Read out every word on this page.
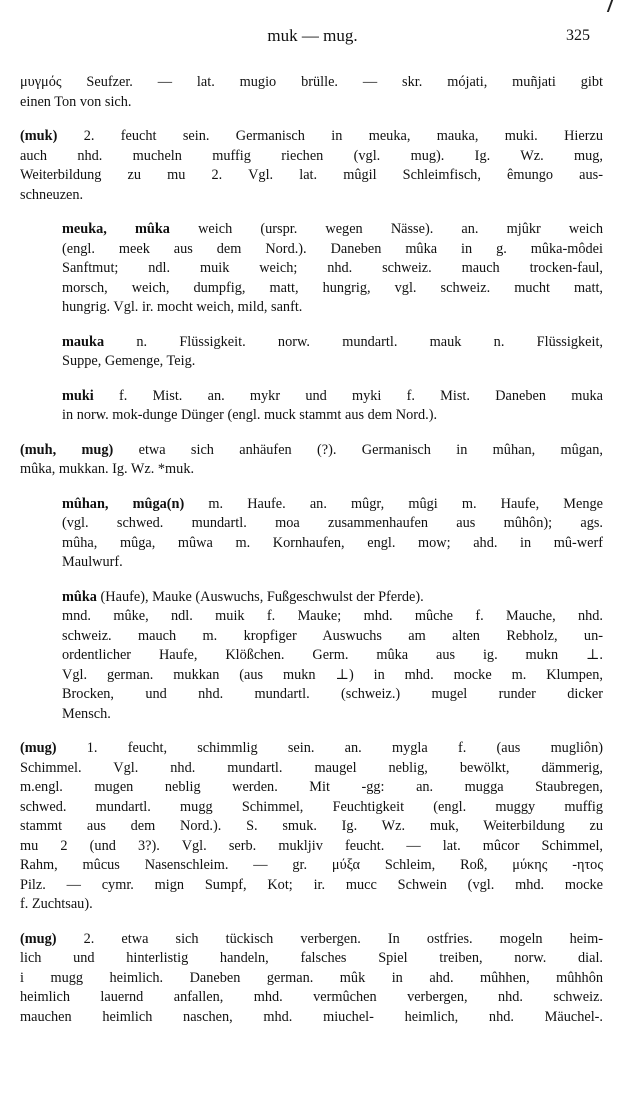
muk — mug.	325
μυγμός Seufzer. — lat. mugio brülle. — skr. mójati, muñjati gibt
einen Ton von sich.
(muk) 2. feucht sein. Germanisch in meuka, mauka, muki. Hierzu
auch nhd. mucheln muffig riechen (vgl. mug). Ig. Wz. mug,
Weiterbildung zu mu 2. Vgl. lat. mûgil Schleimfisch, êmungo aus-
schneuzen.
meuka, mûka weich (urspr. wegen Nässe). an. mjûkr weich
(engl. meek aus dem Nord.). Daneben mûka in g. mûka-môdei
Sanftmut; ndl. muik weich; nhd. schweiz. mauch trocken-faul,
morsch, weich, dumpfig, matt, hungrig, vgl. schweiz. mucht matt,
hungrig. Vgl. ir. mocht weich, mild, sanft.
mauka n. Flüssigkeit. norw. mundartl. mauk n. Flüssigkeit,
Suppe, Gemenge, Teig.
muki f. Mist. an. mykr und myki f. Mist. Daneben muka
in norw. mok-dunge Dünger (engl. muck stammt aus dem Nord.).
(muh, mug) etwa sich anhäufen (?). Germanisch in mûhan, mûgan,
mûka, mukkan. Ig. Wz. *muk.
mûhan, mûga(n) m. Haufe. an. mûgr, mûgi m. Haufe, Menge
(vgl. schwed. mundartl. moa zusammenhaufen aus mûhôn); ags.
mûha, mûga, mûwa m. Kornhaufen, engl. mow; ahd. in mû-werf
Maulwurf.
mûka (Haufe), Mauke (Auswuchs, Fußgeschwulst der Pferde).
mnd. mûke, ndl. muik f. Mauke; mhd. mûche f. Mauche, nhd.
schweiz. mauch m. kropfiger Auswuchs am alten Rebholz, un-
ordentlicher Haufe, Klößchen. Germ. mûka aus ig. mukn ⊥.
Vgl. german. mukkan (aus mukn ⊥) in mhd. mocke m. Klumpen,
Brocken, und nhd. mundartl. (schweiz.) mugel runder dicker
Mensch.
(mug) 1. feucht, schimmlig sein. an. mygla f. (aus mugliôn)
Schimmel. Vgl. nhd. mundartl. maugel neblig, bewölkt, dämmerig,
m.engl. mugen neblig werden. Mit -gg: an. mugga Staubregen,
schwed. mundartl. mugg Schimmel, Feuchtigkeit (engl. muggy muffig
stammt aus dem Nord.). S. smuk. Ig. Wz. muk, Weiterbildung zu
mu 2 (und 3?). Vgl. serb. mukljiv feucht. — lat. mûcor Schimmel,
Rahm, mûcus Nasenschleim. — gr. μύξα Schleim, Roß, μύκης -ητος
Pilz. — cymr. mign Sumpf, Kot; ir. mucc Schwein (vgl. mhd. mocke
f. Zuchtsau).
(mug) 2. etwa sich tückisch verbergen. In ostfries. mogeln heim-
lich und hinterlistig handeln, falsches Spiel treiben, norw. dial.
i mugg heimlich. Daneben german. mûk in ahd. mûhhen, mûhhôn
heimlich lauernd anfallen, mhd. vermûchen verbergen, nhd. schweiz.
mauchen heimlich naschen, mhd. miuchel- heimlich, nhd. Mäuchel-.
